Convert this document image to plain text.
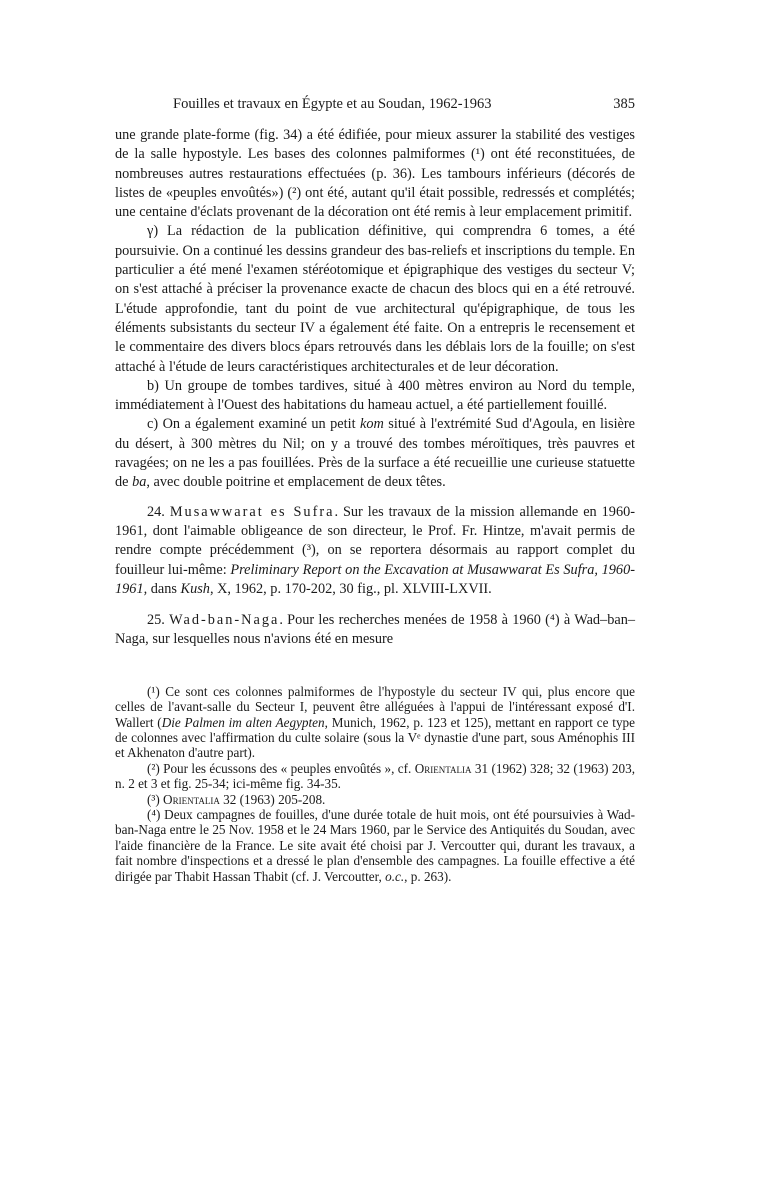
Fouilles et travaux en Égypte et au Soudan, 1962-1963	385

une grande plate-forme (fig. 34) a été édifiée, pour mieux assurer la stabilité des vestiges de la salle hypostyle. Les bases des colonnes palmiformes (¹) ont été reconstituées, de nombreuses autres restaurations effectuées (p. 36). Les tambours inférieurs (décorés de listes de «peuples envoûtés») (²) ont été, autant qu'il était possible, redressés et complétés; une centaine d'éclats provenant de la décoration ont été remis à leur emplacement primitif.

γ) La rédaction de la publication définitive, qui comprendra 6 tomes, a été poursuivie. On a continué les dessins grandeur des bas-reliefs et inscriptions du temple. En particulier a été mené l'examen stéréotomique et épigraphique des vestiges du secteur V; on s'est attaché à préciser la provenance exacte de chacun des blocs qui en a été retrouvé. L'étude approfondie, tant du point de vue architectural qu'épigraphique, de tous les éléments subsistants du secteur IV a également été faite. On a entrepris le recensement et le commentaire des divers blocs épars retrouvés dans les déblais lors de la fouille; on s'est attaché à l'étude de leurs caractéristiques architecturales et de leur décoration.

b) Un groupe de tombes tardives, situé à 400 mètres environ au Nord du temple, immédiatement à l'Ouest des habitations du hameau actuel, a été partiellement fouillé.

c) On a également examiné un petit kom situé à l'extrémité Sud d'Agoula, en lisière du désert, à 300 mètres du Nil; on y a trouvé des tombes méroïtiques, très pauvres et ravagées; on ne les a pas fouillées. Près de la surface a été recueillie une curieuse statuette de ba, avec double poitrine et emplacement de deux têtes.

24. Musawwarat es Sufra. Sur les travaux de la mission allemande en 1960-1961, dont l'aimable obligeance de son directeur, le Prof. Fr. Hintze, m'avait permis de rendre compte précédemment (³), on se reportera désormais au rapport complet du fouilleur lui-même: Preliminary Report on the Excavation at Musawwarat Es Sufra, 1960-1961, dans Kush, X, 1962, p. 170-202, 30 fig., pl. XLVIII-LXVII.

25. Wad-ban-Naga. Pour les recherches menées de 1958 à 1960 (⁴) à Wad–ban–Naga, sur lesquelles nous n'avions été en mesure

(¹) Ce sont ces colonnes palmiformes de l'hypostyle du secteur IV qui, plus encore que celles de l'avant-salle du Secteur I, peuvent être alléguées à l'appui de l'intéressant exposé d'I. Wallert (Die Palmen im alten Aegypten, Munich, 1962, p. 123 et 125), mettant en rapport ce type de colonnes avec l'affirmation du culte solaire (sous la Vᵉ dynastie d'une part, sous Aménophis III et Akhenaton d'autre part).

(²) Pour les écussons des « peuples envoûtés », cf. Orientalia 31 (1962) 328; 32 (1963) 203, n. 2 et 3 et fig. 25-34; ici-même fig. 34-35.

(³) Orientalia 32 (1963) 205-208.

(⁴) Deux campagnes de fouilles, d'une durée totale de huit mois, ont été poursuivies à Wad-ban-Naga entre le 25 Nov. 1958 et le 24 Mars 1960, par le Service des Antiquités du Soudan, avec l'aide financière de la France. Le site avait été choisi par J. Vercoutter qui, durant les travaux, a fait nombre d'inspections et a dressé le plan d'ensemble des campagnes. La fouille effective a été dirigée par Thabit Hassan Thabit (cf. J. Vercoutter, o.c., p. 263).
